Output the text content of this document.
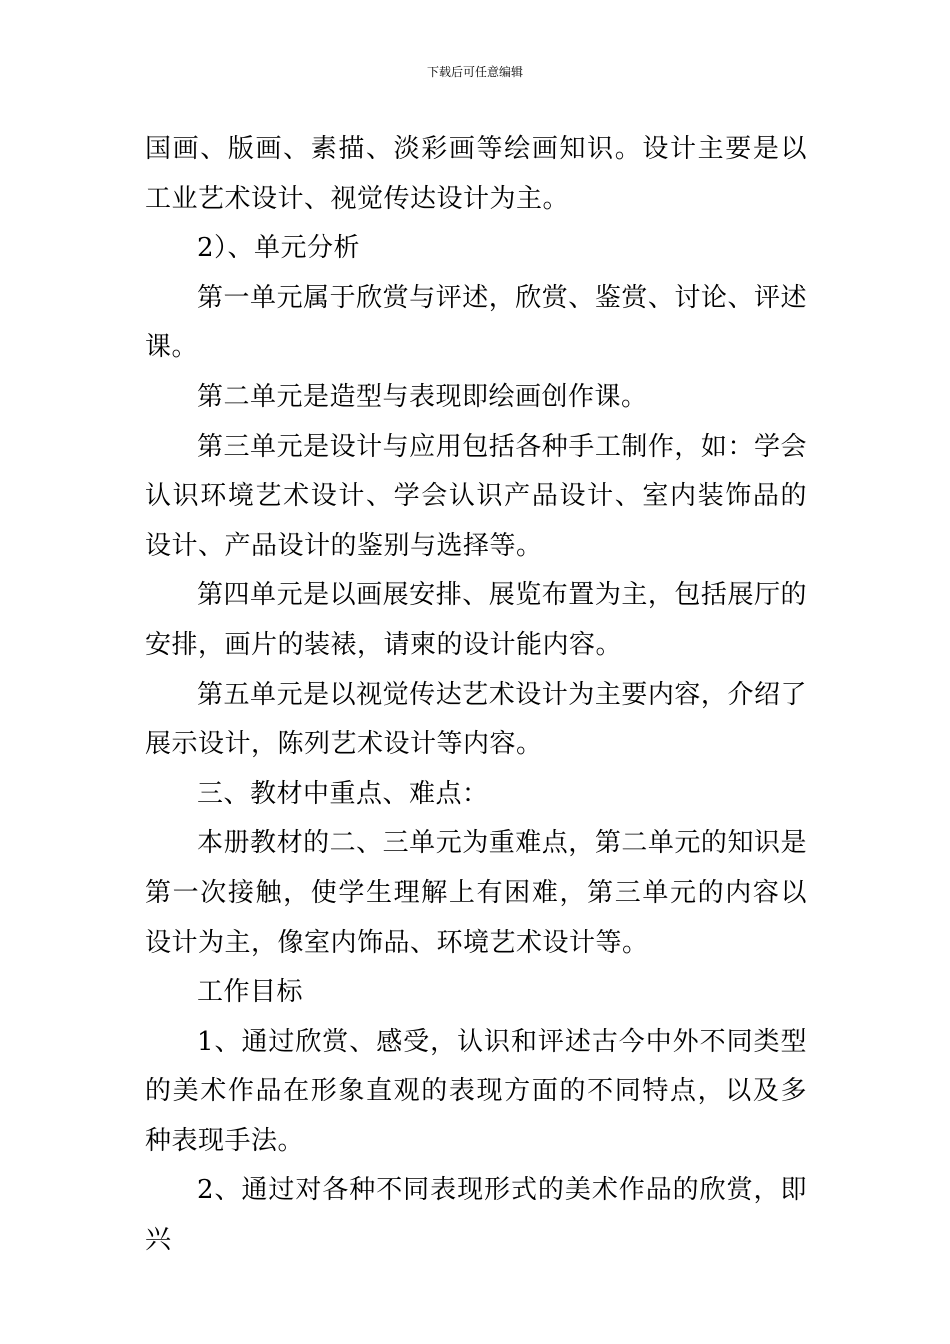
下载后可任意编辑

国画、版画、素描、淡彩画等绘画知识。设计主要是以工业艺术设计、视觉传达设计为主。

2）、单元分析

第一单元属于欣赏与评述，欣赏、鉴赏、讨论、评述课。

第二单元是造型与表现即绘画创作课。

第三单元是设计与应用包括各种手工制作，如：学会认识环境艺术设计、学会认识产品设计、室内装饰品的设计、产品设计的鉴别与选择等。

第四单元是以画展安排、展览布置为主，包括展厅的安排，画片的装裱，请柬的设计能内容。

第五单元是以视觉传达艺术设计为主要内容，介绍了展示设计，陈列艺术设计等内容。

三、教材中重点、难点：

本册教材的二、三单元为重难点，第二单元的知识是第一次接触，使学生理解上有困难，第三单元的内容以设计为主，像室内饰品、环境艺术设计等。

工作目标

1、通过欣赏、感受，认识和评述古今中外不同类型的美术作品在形象直观的表现方面的不同特点，以及多种表现手法。

2、通过对各种不同表现形式的美术作品的欣赏，即兴
